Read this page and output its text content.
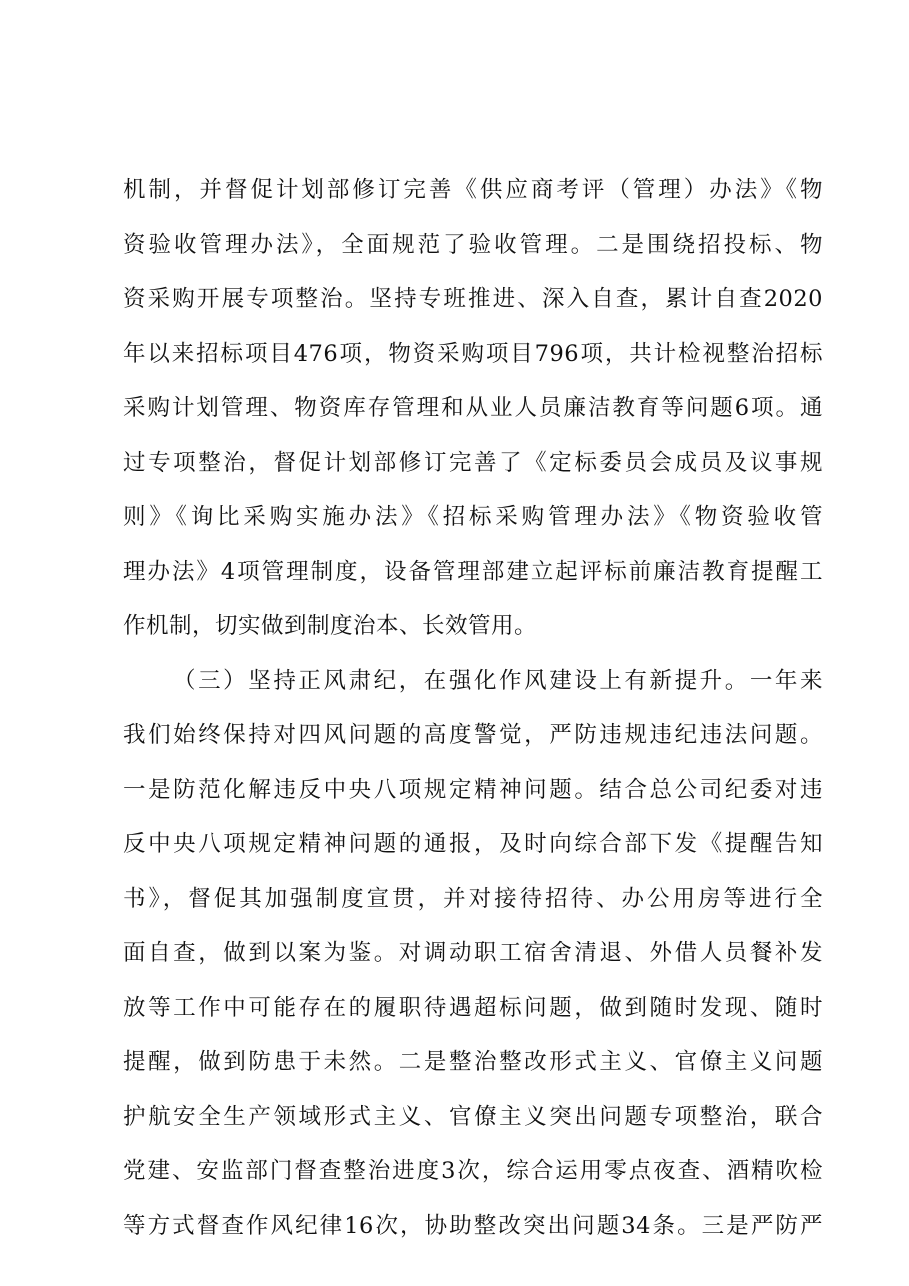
机制，并督促计划部修订完善《供应商考评（管理）办法》《物
资验收管理办法》，全面规范了验收管理。二是围绕招投标、物
资采购开展专项整治。坚持专班推进、深入自查，累计自查2020
年以来招标项目476项，物资采购项目796项，共计检视整治招标
采购计划管理、物资库存管理和从业人员廉洁教育等问题6项。通
过专项整治，督促计划部修订完善了《定标委员会成员及议事规
则》《询比采购实施办法》《招标采购管理办法》《物资验收管
理办法》4项管理制度，设备管理部建立起评标前廉洁教育提醒工
作机制，切实做到制度治本、长效管用。
（三）坚持正风肃纪，在强化作风建设上有新提升。一年来
我们始终保持对四风问题的高度警觉，严防违规违纪违法问题。
一是防范化解违反中央八项规定精神问题。结合总公司纪委对违
反中央八项规定精神问题的通报，及时向综合部下发《提醒告知
书》，督促其加强制度宣贯，并对接待招待、办公用房等进行全
面自查，做到以案为鉴。对调动职工宿舍清退、外借人员餐补发
放等工作中可能存在的履职待遇超标问题，做到随时发现、随时
提醒，做到防患于未然。二是整治整改形式主义、官僚主义问题
护航安全生产领域形式主义、官僚主义突出问题专项整治，联合
党建、安监部门督查整治进度3次，综合运用零点夜查、酒精吹检
等方式督查作风纪律16次，协助整改突出问题34条。三是严防严
